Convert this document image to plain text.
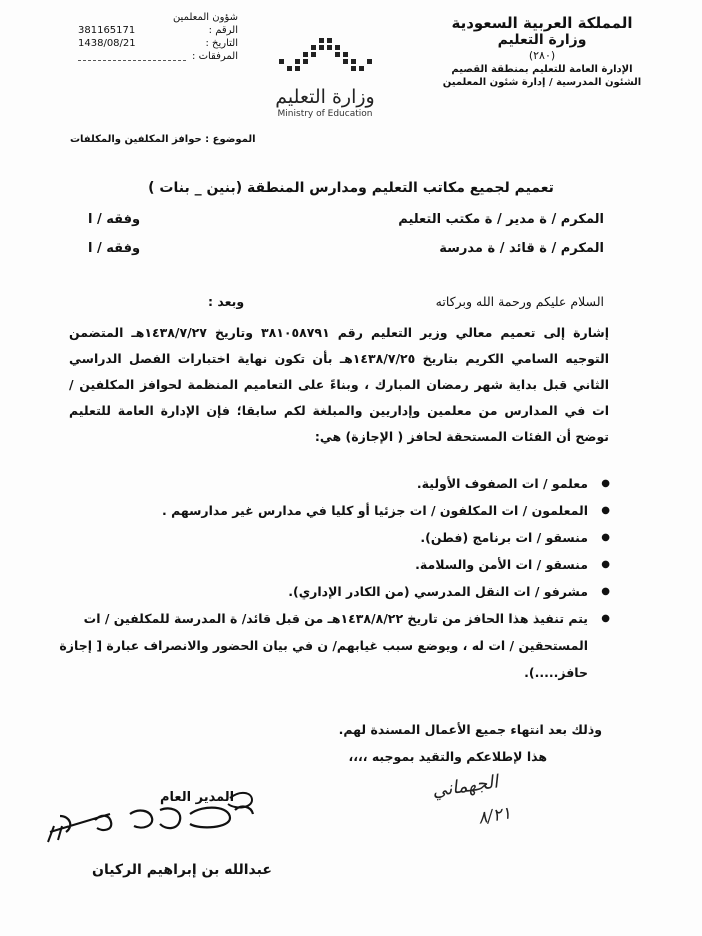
المملكة العربية السعودية
وزارة التعليم
(٢٨٠)
الإدارة العامة للتعليم بمنطقة القصيم
الشئون المدرسية / إدارة شئون المعلمين
وزارة التعليم
Ministry of Education
شؤون المعلمين
381165171	الرقم :
1438/08/21	التاريخ :
المرفقات :
الموضوع : حوافز المكلفين والمكلفات
تعميم لجميع مكاتب التعليم ومدارس المنطقة (بنين _ بنات )
المكرم / ة مدير / ة مكتب التعليم
وفقه / ا
المكرم / ة قائد / ة مدرسة
وفقه / ا
السلام عليكم ورحمة الله وبركاته
وبعد :

إشارة إلى تعميم معالي وزير التعليم رقم ٣٨١٠٥٨٧٩١ وتاريخ ١٤٣٨/٧/٢٧هـ المتضمن التوجيه السامي الكريم بتاريخ ١٤٣٨/٧/٢٥هـ بأن تكون نهاية اختبارات الفصل الدراسي الثاني قبل بداية شهر رمضان المبارك ، وبناءً على التعاميم المنظمة لحوافز المكلفين / ات في المدارس من معلمين وإداريين والمبلغة لكم سابقا؛ فإن الإدارة العامة للتعليم توضح أن الفئات المستحقة لحافز ( الإجازة) هي:

● معلمو / ات الصفوف الأولية.
● المعلمون / ات المكلفون / ات جزئيا أو كليا في مدارس غير مدارسهم .
● منسقو / ات برنامج (فطن).
● منسقو / ات الأمن والسلامة.
● مشرفو / ات النقل المدرسي (من الكادر الإداري).
● يتم تنفيذ هذا الحافز من تاريخ ١٤٣٨/٨/٢٢هـ من قبل قائد/ ة المدرسة للمكلفين / ات المستحقين / ات له ، ويوضع سبب غيابهم/ ن في بيان الحضور والانصراف عبارة [ إجازة حافز.....).
وذلك بعد انتهاء جميع الأعمال المسندة لهم.
هذا لإطلاعكم والتقيد بموجبه ،،،،
الجهماني
٨/٢١
المدير العام
عبدالله بن إبراهيم الركيان
